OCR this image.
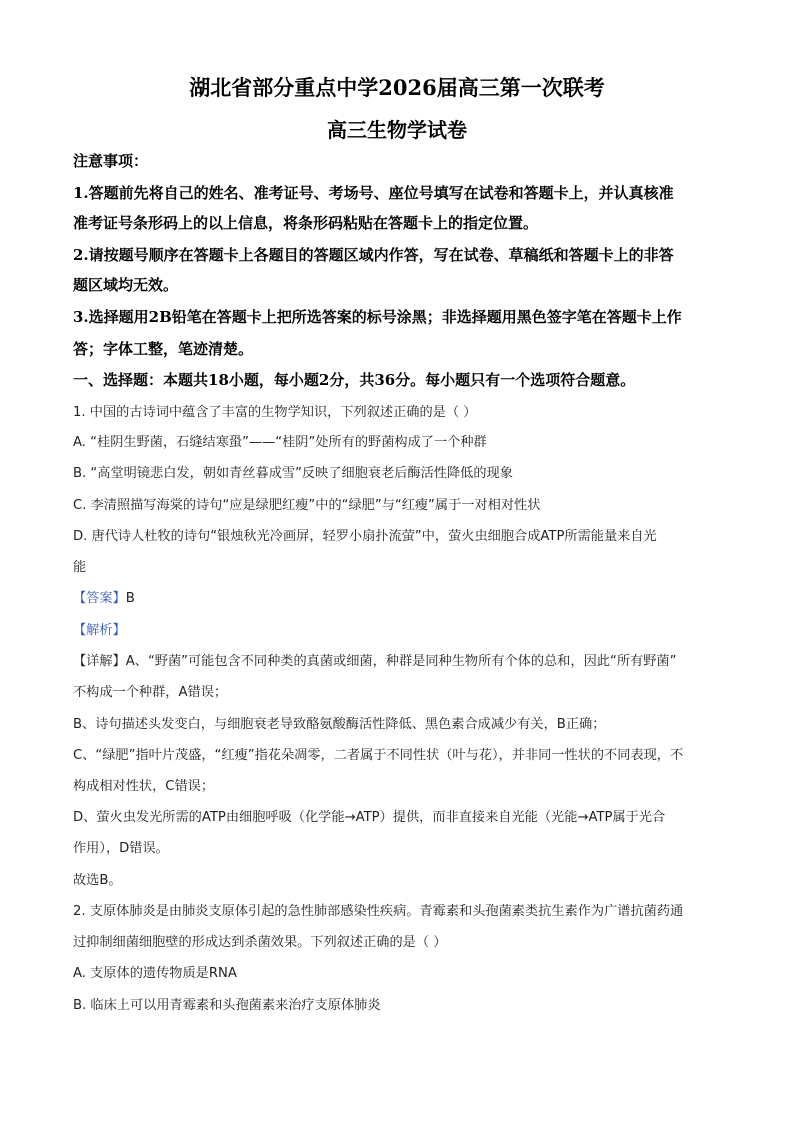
湖北省部分重点中学2026届高三第一次联考
高三生物学试卷
注意事项：
1.答题前先将自己的姓名、准考证号、考场号、座位号填写在试卷和答题卡上，并认真核准
准考证号条形码上的以上信息，将条形码粘贴在答题卡上的指定位置。
2.请按题号顺序在答题卡上各题目的答题区域内作答，写在试卷、草稿纸和答题卡上的非答
题区域均无效。
3.选择题用2B铅笔在答题卡上把所选答案的标号涂黑；非选择题用黑色签字笔在答题卡上作
答；字体工整，笔迹清楚。
一、选择题：本题共18小题，每小题2分，共36分。每小题只有一个选项符合题意。
1. 中国的古诗词中蕴含了丰富的生物学知识，下列叙述正确的是（ ）
A. “桂阴生野菌，石缝结寒蛩”——“桂阴”处所有的野菌构成了一个种群
B. “高堂明镜悲白发，朝如青丝暮成雪”反映了细胞衰老后酶活性降低的现象
C. 李清照描写海棠的诗句“应是绿肥红瘦”中的“绿肥”与“红瘦”属于一对相对性状
D. 唐代诗人杜牧的诗句“银烛秋光冷画屏，轻罗小扇扑流萤”中，萤火虫细胞合成ATP所需能量来自光
能
【答案】B
【解析】
【详解】A、“野菌”可能包含不同种类的真菌或细菌，种群是同种生物所有个体的总和，因此“所有野菌”
不构成一个种群，A错误；
B、诗句描述头发变白，与细胞衰老导致酪氨酸酶活性降低、黑色素合成减少有关，B正确；
C、“绿肥”指叶片茂盛，“红瘦”指花朵凋零，二者属于不同性状（叶与花），并非同一性状的不同表现，不
构成相对性状，C错误；
D、萤火虫发光所需的ATP由细胞呼吸（化学能→ATP）提供，而非直接来自光能（光能→ATP属于光合
作用），D错误。
故选B。
2. 支原体肺炎是由肺炎支原体引起的急性肺部感染性疾病。青霉素和头孢菌素类抗生素作为广谱抗菌药通
过抑制细菌细胞壁的形成达到杀菌效果。下列叙述正确的是（ ）
A. 支原体的遗传物质是RNA
B. 临床上可以用青霉素和头孢菌素来治疗支原体肺炎
